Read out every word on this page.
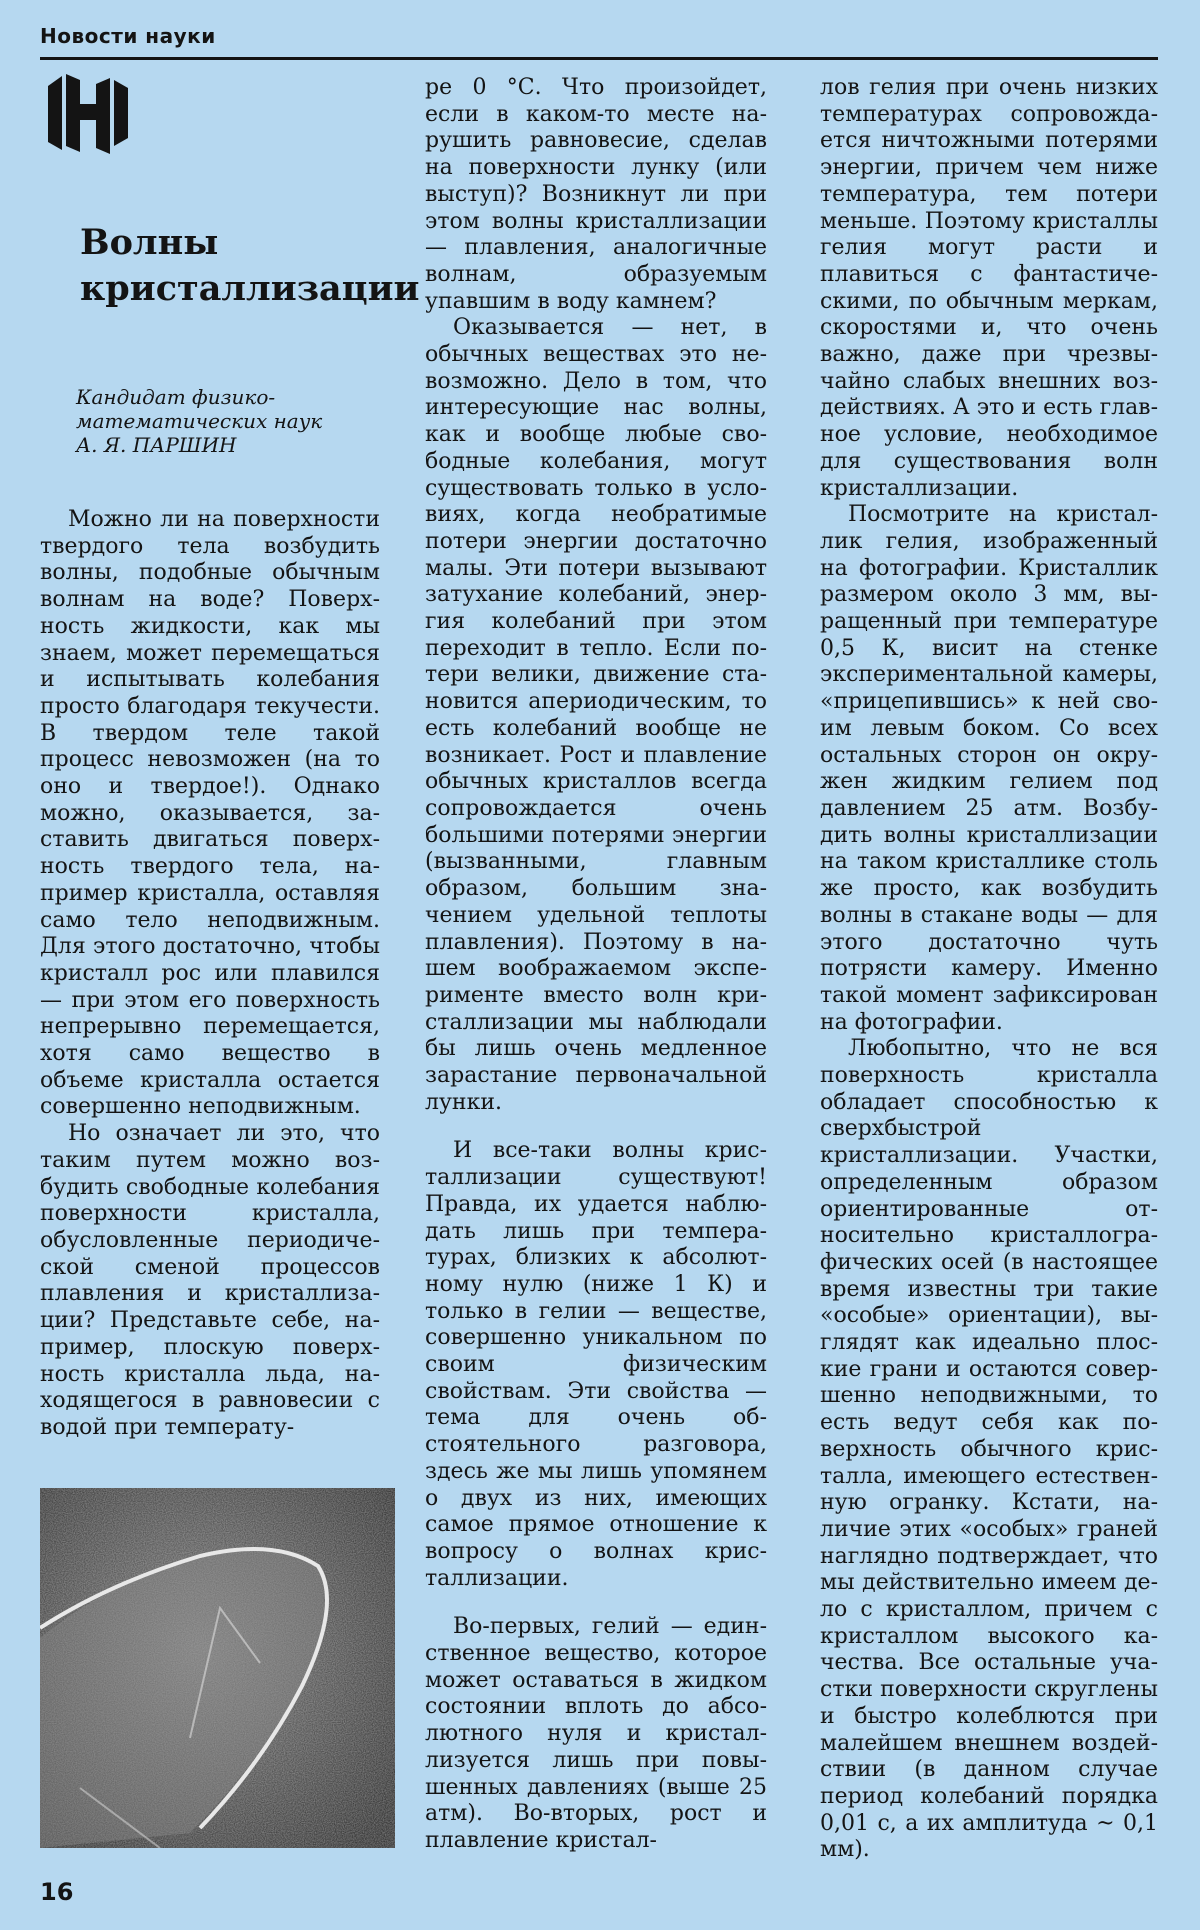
Новости науки
Волны кристаллизации
Кандидат физико-
математических наук
А. Я. ПАРШИН

Можно ли на поверхности твердого тела возбудить волны, подобные обычным волнам на воде? Поверхность жидкости, как мы знаем, может перемещаться и испытывать колебания просто благодаря текучести. В твердом теле такой процесс невозможен (на то оно и твердое!). Однако можно, оказывается, заставить двигаться поверхность твердого тела, например кристалла, оставляя само тело неподвижным. Для этого достаточно, чтобы кристалл рос или плавился — при этом его поверхность непрерывно перемещается, хотя само вещество в объеме кристалла остается совершенно неподвижным.

Но означает ли это, что таким путем можно возбудить свободные колебания поверхности кристалла, обусловленные периодической сменой процессов плавления и кристаллизации? Представьте себе, например, плоскую поверхность кристалла льда, находящегося в равновесии с водой при температу-

ре 0 °С. Что произойдет, если в каком-то месте нарушить равновесие, сделав на поверхности лунку (или выступ)? Возникнут ли при этом волны кристаллизации — плавления, аналогичные волнам, образуемым упавшим в воду камнем?

Оказывается — нет, в обычных веществах это невозможно. Дело в том, что интересующие нас волны, как и вообще любые свободные колебания, могут существовать только в условиях, когда необратимые потери энергии достаточно малы. Эти потери вызывают затухание колебаний, энергия колебаний при этом переходит в тепло. Если потери велики, движение становится апериодическим, то есть колебаний вообще не возникает. Рост и плавление обычных кристаллов всегда сопровождается очень большими потерями энергии (вызванными, главным образом, большим значением удельной теплоты плавления). Поэтому в нашем воображаемом эксперименте вместо волн кристаллизации мы наблюдали бы лишь очень медленное зарастание первоначальной лунки.

И все-таки волны кристаллизации существуют! Правда, их удается наблюдать лишь при температурах, близких к абсолютному нулю (ниже 1 К) и только в гелии — веществе, совершенно уникальном по своим физическим свойствам. Эти свойства — тема для очень обстоятельного разговора, здесь же мы лишь упомянем о двух из них, имеющих самое прямое отношение к вопросу о волнах кристаллизации.

Во-первых, гелий — единственное вещество, которое может оставаться в жидком состоянии вплоть до абсолютного нуля и кристаллизуется лишь при повышенных давлениях (выше 25 атм). Во-вторых, рост и плавление кристал-

лов гелия при очень низких температурах сопровождается ничтожными потерями энергии, причем чем ниже температура, тем потери меньше. Поэтому кристаллы гелия могут расти и плавиться с фантастическими, по обычным меркам, скоростями и, что очень важно, даже при чрезвычайно слабых внешних воздействиях. А это и есть главное условие, необходимое для существования волн кристаллизации.

Посмотрите на кристаллик гелия, изображенный на фотографии. Кристаллик размером около 3 мм, выращенный при температуре 0,5 К, висит на стенке экспериментальной камеры, «прицепившись» к ней своим левым боком. Со всех остальных сторон он окружен жидким гелием под давлением 25 атм. Возбудить волны кристаллизации на таком кристаллике столь же просто, как возбудить волны в стакане воды — для этого достаточно чуть потрясти камеру. Именно такой момент зафиксирован на фотографии.

Любопытно, что не вся поверхность кристалла обладает способностью к сверхбыстрой кристаллизации. Участки, определенным образом ориентированные относительно кристаллографических осей (в настоящее время известны три такие «особые» ориентации), выглядят как идеально плоские грани и остаются совершенно неподвижными, то есть ведут себя как поверхность обычного кристалла, имеющего естественную огранку. Кстати, наличие этих «особых» граней наглядно подтверждает, что мы действительно имеем дело с кристаллом, причем с кристаллом высокого качества. Все остальные участки поверхности скруглены и быстро колеблются при малейшем внешнем воздействии (в данном случае период колебаний порядка 0,01 с, а их амплитуда ~ 0,1 мм).

16
